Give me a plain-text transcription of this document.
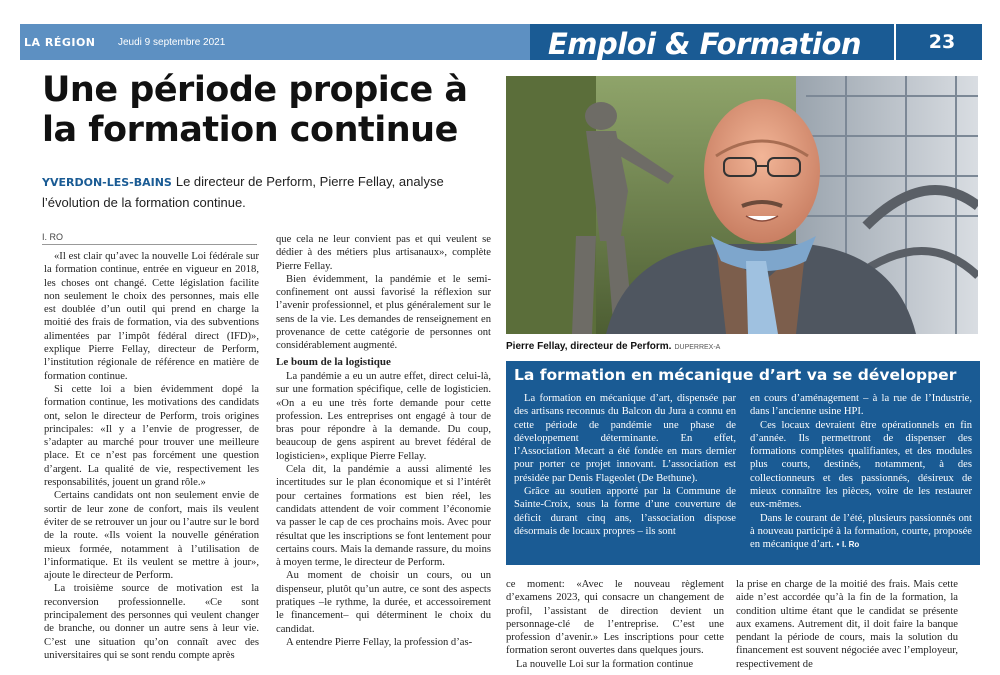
LA RÉGION Jeudi 9 septembre 2021	Emploi & Formation	23
Une période propice à la formation continue
YVERDON-LES-BAINS Le directeur de Perform, Pierre Fellay, analyse l’évolution de la formation continue.
I. RO

«Il est clair qu’avec la nouvelle Loi fédérale sur la formation continue, entrée en vigueur en 2018, les choses ont changé. Cette législation facilite non seulement le choix des personnes, mais elle est doublée d’un outil qui prend en charge la moitié des frais de formation, via des subventions alimentées par l’impôt fédéral direct (IFD)», explique Pierre Fellay, directeur de Perform, l’institution régionale de référence en matière de formation continue.

Si cette loi a bien évidemment dopé la formation continue, les motivations des candidats ont, selon le directeur de Perform, trois origines principales: «Il y a l’envie de progresser, de s’adapter au marché pour trouver une meilleure place. Et ce n’est pas forcément une question d’argent. La qualité de vie, respectivement les responsabilités, jouent un grand rôle.»

Certains candidats ont non seulement envie de sortir de leur zone de confort, mais ils veulent éviter de se retrouver un jour ou l’autre sur le bord de la route. «Ils voient la nouvelle génération mieux formée, notamment à l’utilisation de l’informatique. Et ils veulent se mettre à jour», ajoute le directeur de Perform.

La troisième source de motivation est la reconversion professionnelle. «Ce sont principalement des personnes qui veulent changer de branche, ou donner un autre sens à leur vie. C’est une situation qu’on connaît avec des universitaires qui se sont rendu compte après

que cela ne leur convient pas et qui veulent se dédier à des métiers plus artisanaux», complète Pierre Fellay.

Bien évidemment, la pandémie et le semi-confinement ont aussi favorisé la réflexion sur l’avenir professionnel, et plus généralement sur le sens de la vie. Les demandes de renseignement en provenance de cette catégorie de personnes ont considérablement augmenté.

Le boum de la logistique

La pandémie a eu un autre effet, direct celui-là, sur une formation spécifique, celle de logisticien. «On a eu une très forte demande pour cette profession. Les entreprises ont engagé à tour de bras pour répondre à la demande. Du coup, beaucoup de gens aspirent au brevet fédéral de logisticien», explique Pierre Fellay.

Cela dit, la pandémie a aussi alimenté les incertitudes sur le plan économique et si l’intérêt pour certaines formations est bien réel, les candidats attendent de voir comment l’économie va passer le cap de ces prochains mois. Avec pour résultat que les inscriptions se font lentement pour certains cours. Mais la demande rassure, du moins à moyen terme, le directeur de Perform.

Au moment de choisir un cours, ou un dispenseur, plutôt qu’un autre, ce sont des aspects pratiques –le rythme, la durée, et accessoirement le financement– qui déterminent le choix du candidat.

A entendre Pierre Fellay, la profession d’as-

Pierre Fellay, directeur de Perform. DUPERREX-A
La formation en mécanique d’art va se développer

La formation en mécanique d’art, dispensée par des artisans reconnus du Balcon du Jura a connu en cette période de pandémie une phase de développement déterminante. En effet, l’Association Mecart a été fondée en mars dernier pour porter ce projet innovant. L’association est présidée par Denis Flageolet (De Bethune).

Grâce au soutien apporté par la Commune de Sainte-Croix, sous la forme d’une couverture de déficit durant cinq ans, l’association dispose désormais de locaux propres – ils sont

en cours d’aménagement – à la rue de l’Industrie, dans l’ancienne usine HPI.

Ces locaux devraient être opérationnels en fin d’année. Ils permettront de dispenser des formations complètes qualifiantes, et des modules plus courts, destinés, notamment, à des collectionneurs et des passionnés, désireux de mieux connaître les pièces, voire de les restaurer eux-mêmes.

Dans le courant de l’été, plusieurs passionnés ont à nouveau participé à la formation, courte, proposée en mécanique d’art. • I. Ro

ce moment: «Avec le nouveau règlement d’examens 2023, qui consacre un changement de profil, l’assistant de direction devient un personnage-clé de l’entreprise. C’est une profession d’avenir.» Les inscriptions pour cette formation seront ouvertes dans quelques jours.

La nouvelle Loi sur la formation continue

la prise en charge de la moitié des frais. Mais cette aide n’est accordée qu’à la fin de la formation, la condition ultime étant que le candidat se présente aux examens. Autrement dit, il doit faire la banque pendant la période de cours, mais la solution du financement est souvent négociée avec l’employeur, respectivement de
